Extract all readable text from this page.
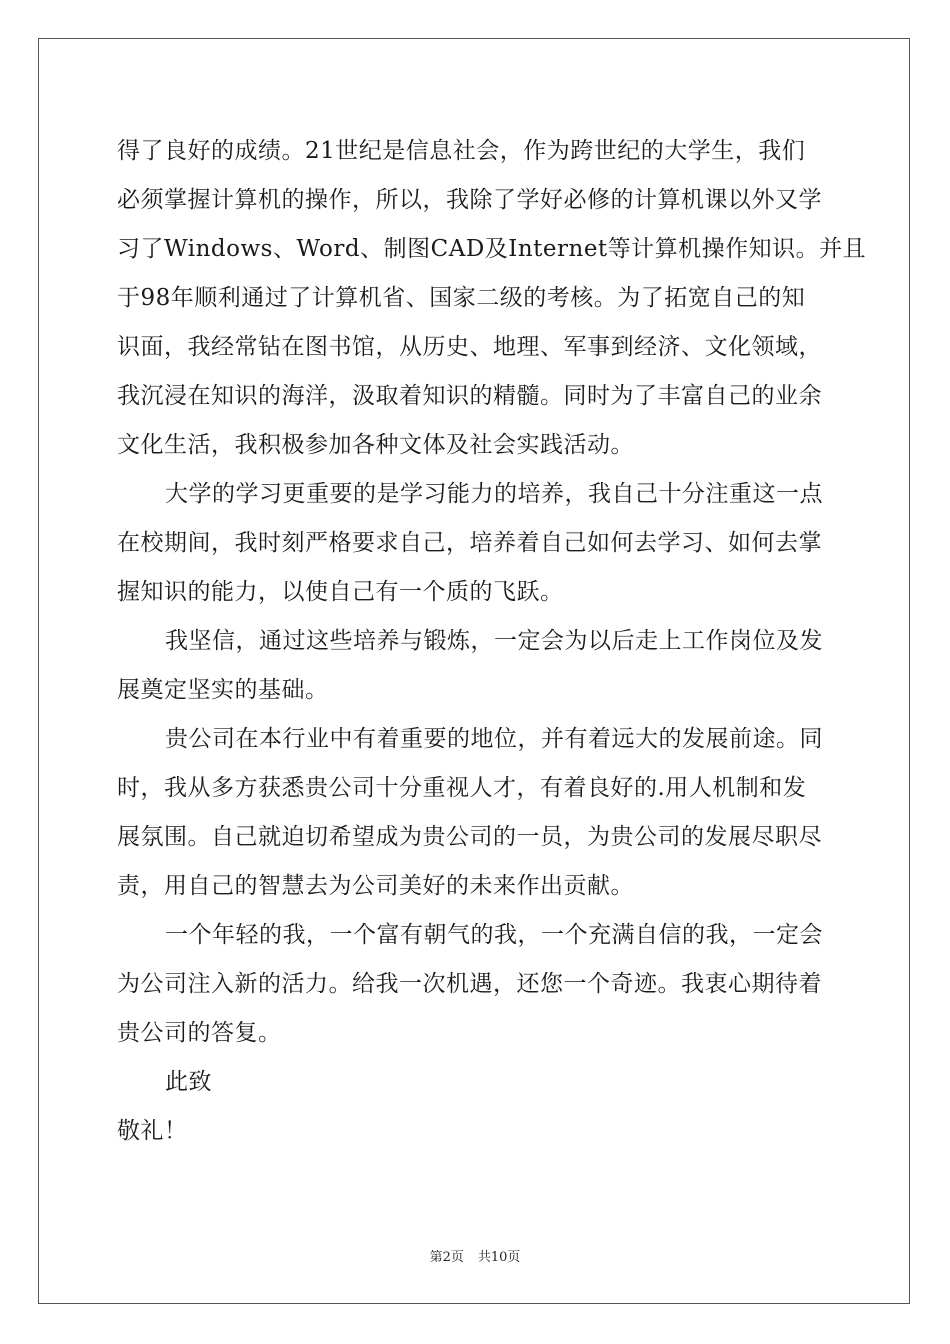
得了良好的成绩。21世纪是信息社会，作为跨世纪的大学生，我们
必须掌握计算机的操作，所以，我除了学好必修的计算机课以外又学
习了Windows、Word、制图CAD及Internet等计算机操作知识。并且
于98年顺利通过了计算机省、国家二级的考核。为了拓宽自己的知
识面，我经常钻在图书馆，从历史、地理、军事到经济、文化领域，
我沉浸在知识的海洋，汲取着知识的精髓。同时为了丰富自己的业余
文化生活，我积极参加各种文体及社会实践活动。
大学的学习更重要的是学习能力的培养，我自己十分注重这一点
在校期间，我时刻严格要求自己，培养着自己如何去学习、如何去掌
握知识的能力，以使自己有一个质的飞跃。
我坚信，通过这些培养与锻炼，一定会为以后走上工作岗位及发
展奠定坚实的基础。
贵公司在本行业中有着重要的地位，并有着远大的发展前途。同
时，我从多方获悉贵公司十分重视人才，有着良好的.用人机制和发
展氛围。自己就迫切希望成为贵公司的一员，为贵公司的发展尽职尽
责，用自己的智慧去为公司美好的未来作出贡献。
一个年轻的我，一个富有朝气的我，一个充满自信的我，一定会
为公司注入新的活力。给我一次机遇，还您一个奇迹。我衷心期待着
贵公司的答复。
此致
敬礼！
第2页 共10页
